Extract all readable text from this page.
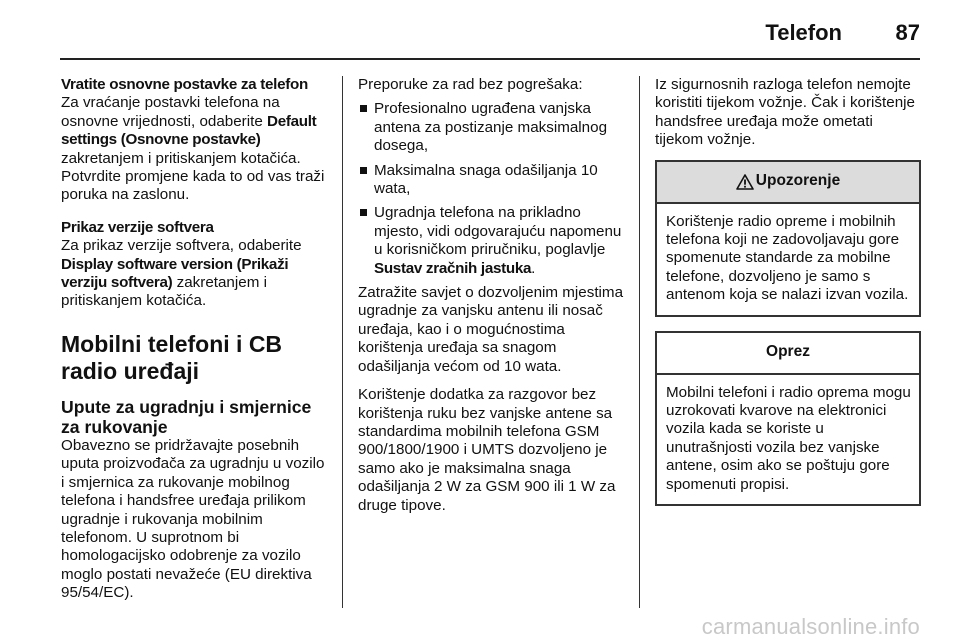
Telefon 87
Vratite osnovne postavke za telefon

Za vraćanje postavki telefona na osnovne vrijednosti, odaberite Default settings (Osnovne postavke) zakretanjem i pritiskanjem kotačića. Potvrdite promjene kada to od vas traži poruka na zaslonu.

Prikaz verzije softvera

Za prikaz verzije softvera, odaberite Display software version (Prikaži verziju softvera) zakretanjem i pritiskanjem kotačića.

Mobilni telefoni i CB radio uređaji
Upute za ugradnju i smjernice za rukovanje

Obavezno se pridržavajte posebnih uputa proizvođača za ugradnju u vozilo i smjernica za rukovanje mobilnog telefona i handsfree uređaja prilikom ugradnje i rukovanja mobilnim telefonom. U suprotnom bi homologacijsko odobrenje za vozilo moglo postati nevažeće (EU direktiva 95/54/EC).

Preporuke za rad bez pogrešaka:

Profesionalno ugrađena vanjska antena za postizanje maksimalnog dosega,
Maksimalna snaga odašiljanja 10 wata,
Ugradnja telefona na prikladno mjesto, vidi odgovarajuću napomenu u korisničkom priručniku, poglavlje Sustav zračnih jastuka.

Zatražite savjet o dozvoljenim mjestima ugradnje za vanjsku antenu ili nosač uređaja, kao i o mogućnostima korištenja uređaja sa snagom odašiljanja većom od 10 wata.

Korištenje dodatka za razgovor bez korištenja ruku bez vanjske antene sa standardima mobilnih telefona GSM 900/1800/1900 i UMTS dozvoljeno je samo ako je maksimalna snaga odašiljanja 2 W za GSM 900 ili 1 W za druge tipove.

Iz sigurnosnih razloga telefon nemojte koristiti tijekom vožnje. Čak i korištenje handsfree uređaja može ometati tijekom vožnje.

Upozorenje
Korištenje radio opreme i mobilnih telefona koji ne zadovoljavaju gore spomenute standarde za mobilne telefone, dozvoljeno je samo s antenom koja se nalazi izvan vozila.
Oprez
Mobilni telefoni i radio oprema mogu uzrokovati kvarove na elektronici vozila kada se koriste u unutrašnjosti vozila bez vanjske antene, osim ako se poštuju gore spomenuti propisi.
carmanualsonline.info
